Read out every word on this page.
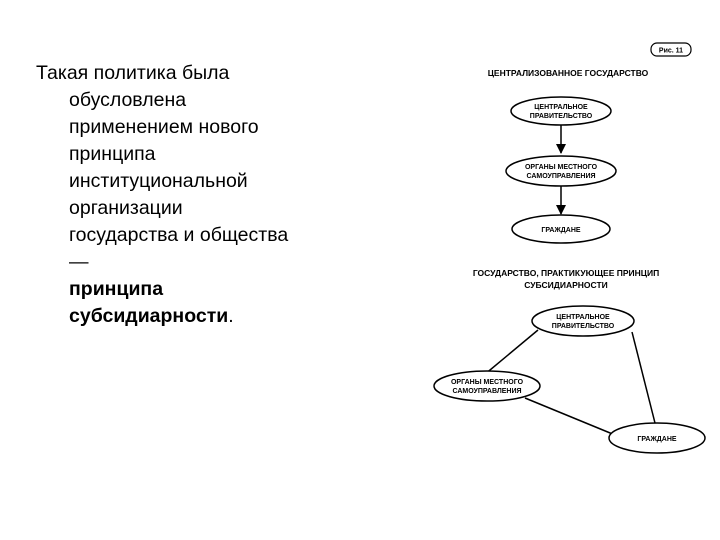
Такая политика была
обусловлена
применением нового
принципа
институциональной
организации
государства и общества
—
принципа
субсидиарности.
Рис. 11
ЦЕНТРАЛИЗОВАННОЕ ГОСУДАРСТВО
ЦЕНТРАЛЬНОЕ
ПРАВИТЕЛЬСТВО
ОРГАНЫ МЕСТНОГО
САМОУПРАВЛЕНИЯ
ГРАЖДАНЕ
ГОСУДАРСТВО, ПРАКТИКУЮЩЕЕ ПРИНЦИП
СУБСИДИАРНОСТИ
ЦЕНТРАЛЬНОЕ
ПРАВИТЕЛЬСТВО
ОРГАНЫ МЕСТНОГО
САМОУПРАВЛЕНИЯ
ГРАЖДАНЕ
